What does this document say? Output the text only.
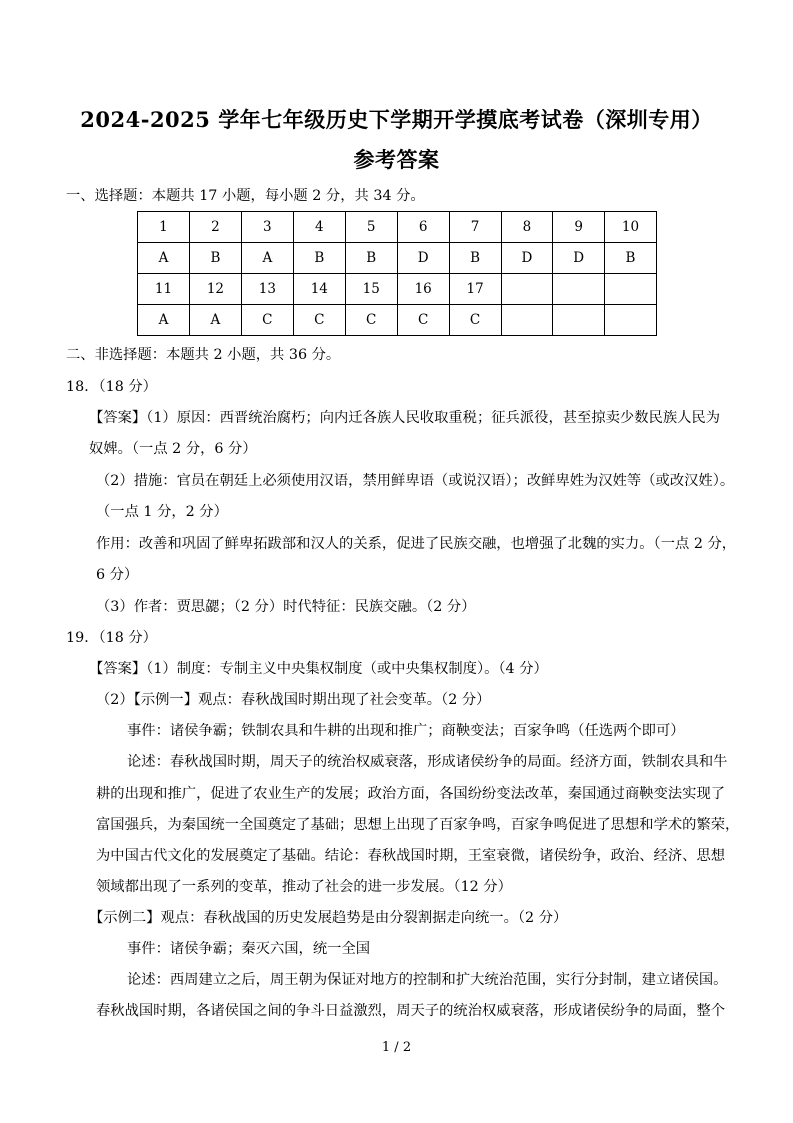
2024-2025 学年七年级历史下学期开学摸底考试卷（深圳专用）
参考答案
一、选择题：本题共 17 小题，每小题 2 分，共 34 分。
1	2	3	4	5	6	7	8	9	10
A	B	A	B	B	D	B	D	D	B
11	12	13	14	15	16	17			
A	A	C	C	C	C	C			
二、非选择题：本题共 2 小题，共 36 分。
18．（18 分）
【答案】（1）原因：西晋统治腐朽；向内迁各族人民收取重税；征兵派役，甚至掠卖少数民族人民为
奴婢。（一点 2 分，6 分）
（2）措施：官员在朝廷上必须使用汉语，禁用鲜卑语（或说汉语）；改鲜卑姓为汉姓等（或改汉姓）。
（一点 1 分，2 分）
作用：改善和巩固了鲜卑拓跋部和汉人的关系，促进了民族交融，也增强了北魏的实力。（一点 2 分，
6 分）
（3）作者：贾思勰；（2 分）时代特征：民族交融。（2 分）
19．（18 分）
【答案】（1）制度：专制主义中央集权制度（或中央集权制度）。（4 分）
（2）【示例一】观点：春秋战国时期出现了社会变革。（2 分）
事件：诸侯争霸；铁制农具和牛耕的出现和推广；商鞅变法；百家争鸣（任选两个即可）
论述：春秋战国时期，周天子的统治权威衰落，形成诸侯纷争的局面。经济方面，铁制农具和牛
耕的出现和推广，促进了农业生产的发展；政治方面，各国纷纷变法改革，秦国通过商鞅变法实现了
富国强兵，为秦国统一全国奠定了基础；思想上出现了百家争鸣，百家争鸣促进了思想和学术的繁荣，
为中国古代文化的发展奠定了基础。结论：春秋战国时期，王室衰微，诸侯纷争，政治、经济、思想
领域都出现了一系列的变革，推动了社会的进一步发展。（12 分）
【示例二】观点：春秋战国的历史发展趋势是由分裂割据走向统一。（2 分）
事件：诸侯争霸；秦灭六国，统一全国
论述：西周建立之后，周王朝为保证对地方的控制和扩大统治范围，实行分封制，建立诸侯国。
春秋战国时期，各诸侯国之间的争斗日益激烈，周天子的统治权威衰落，形成诸侯纷争的局面，整个
1 / 2
